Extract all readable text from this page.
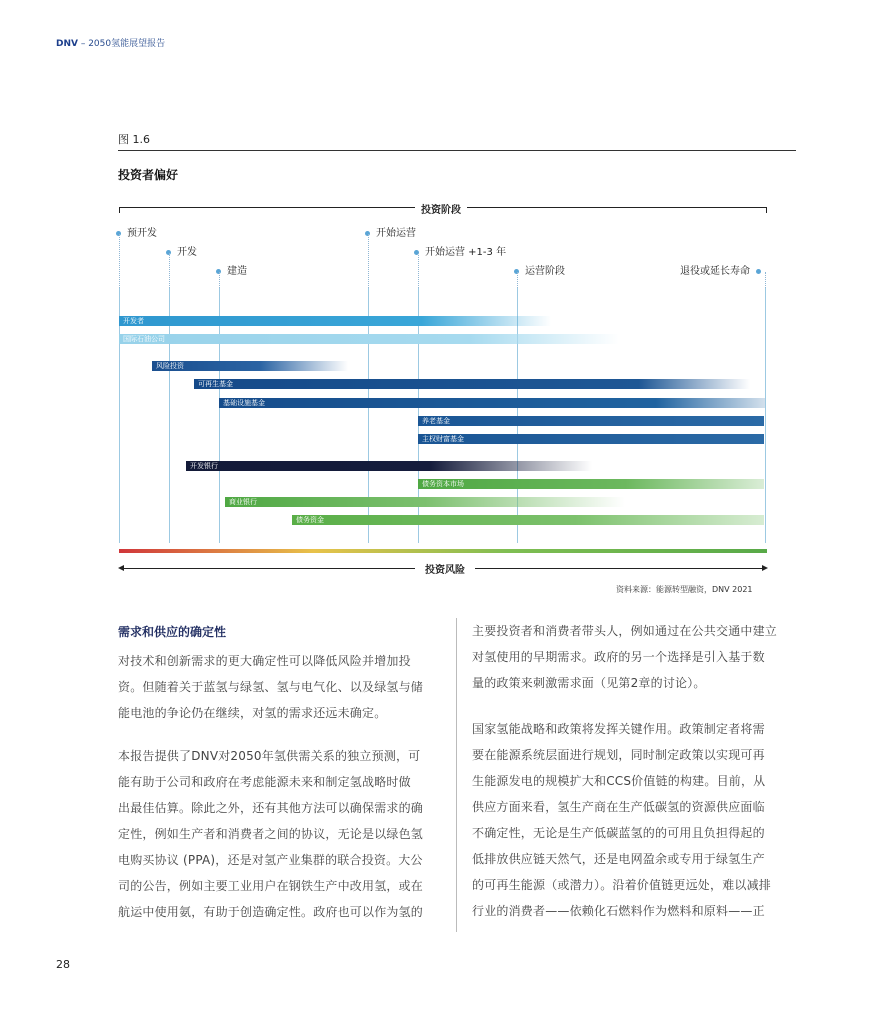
DNV – 2050氢能展望报告
图 1.6
投资者偏好
投资阶段
预开发
开发
建造
开始运营
开始运营 +1-3 年
运营阶段	退役或延长寿命
开发者
国际石油公司
风险投资
可再生基金
基础设施基金
养老基金
主权财富基金
开发银行
债务资本市场
商业银行
债务资金
投资风险
资料来源：能源转型融资，DNV 2021
需求和供应的确定性
对技术和创新需求的更大确定性可以降低风险并增加投
资。但随着关于蓝氢与绿氢、氢与电气化、以及绿氢与储
能电池的争论仍在继续，对氢的需求还远未确定。
本报告提供了DNV对2050年氢供需关系的独立预测，可
能有助于公司和政府在考虑能源未来和制定氢战略时做
出最佳估算。除此之外，还有其他方法可以确保需求的确
定性，例如生产者和消费者之间的协议，无论是以绿色氢
电购买协议 (PPA)，还是对氢产业集群的联合投资。大公
司的公告，例如主要工业用户在钢铁生产中改用氢，或在
航运中使用氨，有助于创造确定性。政府也可以作为氢的
主要投资者和消费者带头人，例如通过在公共交通中建立
对氢使用的早期需求。政府的另一个选择是引入基于数
量的政策来刺激需求面（见第2章的讨论）。
国家氢能战略和政策将发挥关键作用。政策制定者将需
要在能源系统层面进行规划，同时制定政策以实现可再
生能源发电的规模扩大和CCS价值链的构建。目前，从
供应方面来看，氢生产商在生产低碳氢的资源供应面临
不确定性，无论是生产低碳蓝氢的的可用且负担得起的
低排放供应链天然气，还是电网盈余或专用于绿氢生产
的可再生能源（或潜力）。沿着价值链更远处，难以减排
行业的消费者——依赖化石燃料作为燃料和原料——正
28
